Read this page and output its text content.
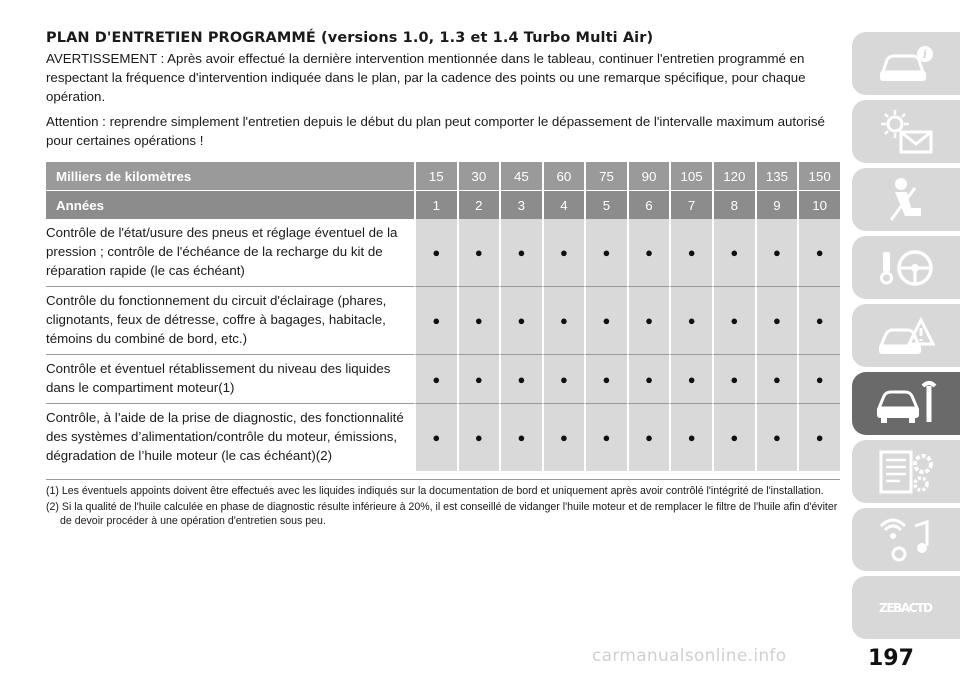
PLAN D'ENTRETIEN PROGRAMMÉ (versions 1.0, 1.3 et 1.4 Turbo Multi Air)

AVERTISSEMENT : Après avoir effectué la dernière intervention mentionnée dans le tableau, continuer l'entretien programmé en respectant la fréquence d'intervention indiquée dans le plan, par la cadence des points ou une remarque spécifique, pour chaque opération.

Attention : reprendre simplement l'entretien depuis le début du plan peut comporter le dépassement de l'intervalle maximum autorisé pour certaines opérations !

Milliers de kilomètres	15	30	45	60	75	90	105	120	135	150
Années	1	2	3	4	5	6	7	8	9	10
Contrôle de l'état/usure des pneus et réglage éventuel de la pression ; contrôle de l'échéance de la recharge du kit de réparation rapide (le cas échéant)	●	●	●	●	●	●	●	●	●	●
Contrôle du fonctionnement du circuit d'éclairage (phares, clignotants, feux de détresse, coffre à bagages, habitacle, témoins du combiné de bord, etc.)	●	●	●	●	●	●	●	●	●	●
Contrôle et éventuel rétablissement du niveau des liquides dans le compartiment moteur(1)	●	●	●	●	●	●	●	●	●	●
Contrôle, à l’aide de la prise de diagnostic, des fonctionnalité des systèmes d’alimentation/contrôle du moteur, émissions, dégradation de l’huile moteur (le cas échéant)(2)	●	●	●	●	●	●	●	●	●	●
(1) Les éventuels appoints doivent être effectués avec les liquides indiqués sur la documentation de bord et uniquement après avoir contrôlé l'intégrité de l'installation.
(2) Si la qualité de l'huile calculée en phase de diagnostic résulte inférieure à 20%, il est conseillé de vidanger l'huile moteur et de remplacer le filtre de l'huile afin d'éviter de devoir procéder à une opération d'entretien sous peu.
i
Z E B A C T D
carmanualsonline.info	197
